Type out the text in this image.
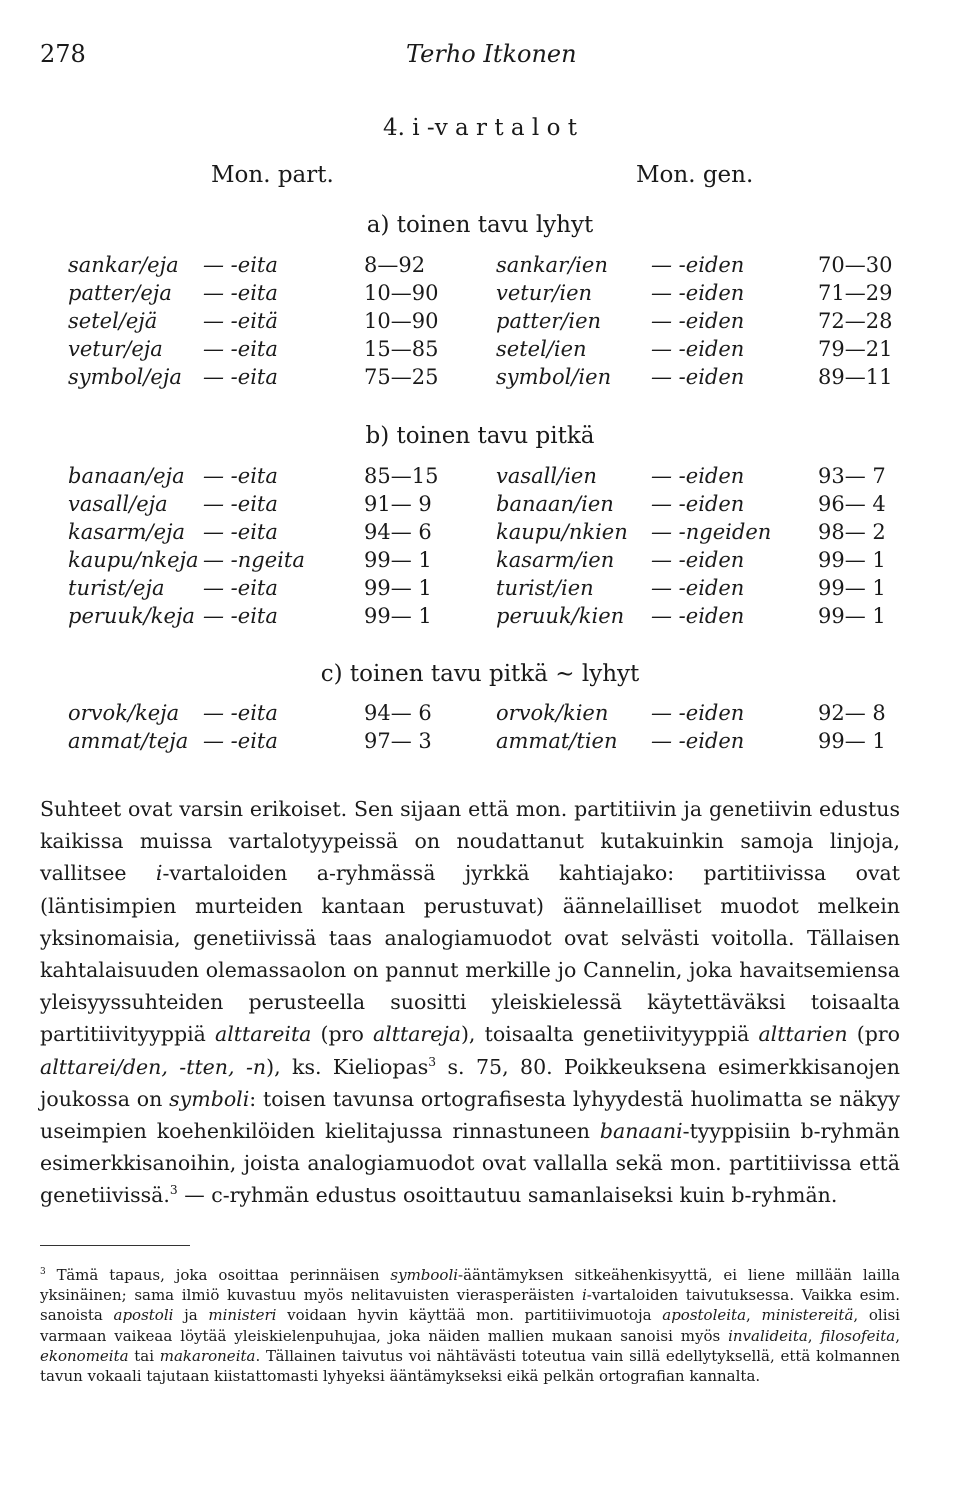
278	Terho Itkonen
4. i -v a r t a l o t
Mon. part.	Mon. gen.
a) toinen tavu lyhyt
b) toinen tavu pitkä
c) toinen tavu pitkä ∼ lyhyt
sankar/eja — -eita	8—92	sankar/ien — -eiden	70—30
patter/eja — -eita	10—90	vetur/ien	— -eiden	71—29
setel/ejä — -eitä	10—90	patter/ien — -eiden	72—28
vetur/eja — -eita	15—85	setel/ien	— -eiden	79—21
symbol/eja — -eita	75—25	symbol/ien — -eiden	89—11
banaan/eja — -eita	85—15	vasall/ien	— -eiden	93— 7
vasall/eja — -eita	91— 9	banaan/ien — -eiden	96— 4
kasarm/eja — -eita	94— 6	kaupu/nkien — -ngeiden 98— 2
kaupu/nkeja — -ngeita	99— 1	kasarm/ien — -eiden	99— 1
turist/eja — -eita	99— 1	turist/ien	— -eiden	99— 1
peruuk/keja — -eita	99— 1	peruuk/kien — -eiden	99— 1
orvok/keja — -eita	94— 6	orvok/kien — -eiden	92— 8
ammat/teja — -eita	97— 3	ammat/tien — -eiden	99— 1

Suhteet ovat varsin erikoiset. Sen sijaan että mon. partitiivin ja genetiivin edustus kaikissa muissa vartalotyypeissä on noudattanut kutakuinkin samoja linjoja, vallitsee i-vartaloiden a-ryhmässä jyrkkä kahtiajako: partitiivissa ovat (läntisimpien murteiden kantaan perustuvat) äännelailliset muodot melkein yksinomaisia, genetiivissä taas analogiamuodot ovat selvästi voitolla. Tällaisen kahtalaisuuden olemassaolon on pannut merkille jo Cannelin, joka havaitsemiensa yleisyyssuhteiden perusteella suositti yleiskielessä käytettäväksi toisaalta partitiivityyppiä alttareita (pro alttareja), toisaalta genetiivityyppiä alttarien (pro alttarei/den, -tten, -n), ks. Kieliopas$^3$ s. 75, 80. Poikkeuksena esimerkkisanojen joukossa on symboli: toisen tavunsa ortografisesta lyhyydestä huolimatta se näkyy useimpien koehenkilöiden kielitajussa rinnastuneen banaani-tyyppisiin b-ryhmän esimerkkisanoihin, joista analogiamuodot ovat vallalla sekä mon. partitiivissa että genetiivissä.$^3$ — c-ryhmän edustus osoittautuu samanlaiseksi kuin b-ryhmän.

$^3$ Tämä tapaus, joka osoittaa perinnäisen symbooli-ääntämyksen sitkeähenkisyyttä, ei liene millään lailla yksinäinen; sama ilmiö kuvastuu myös nelitavuisten vierasperäisten i-vartaloiden taivutuksessa. Vaikka esim. sanoista apostoli ja ministeri voidaan hyvin käyttää mon. partitiivimuotoja apostoleita, ministereitä, olisi varmaan vaikeaa löytää yleiskielenpuhujaa, joka näiden mallien mukaan sanoisi myös invalideita, filosofeita, ekonomeita tai makaroneita. Tällainen taivutus voi nähtävästi toteutua vain sillä edellytyksellä, että kolmannen tavun vokaali tajutaan kiistattomasti lyhyeksi ääntämykseksi eikä pelkän ortografian kannalta.
